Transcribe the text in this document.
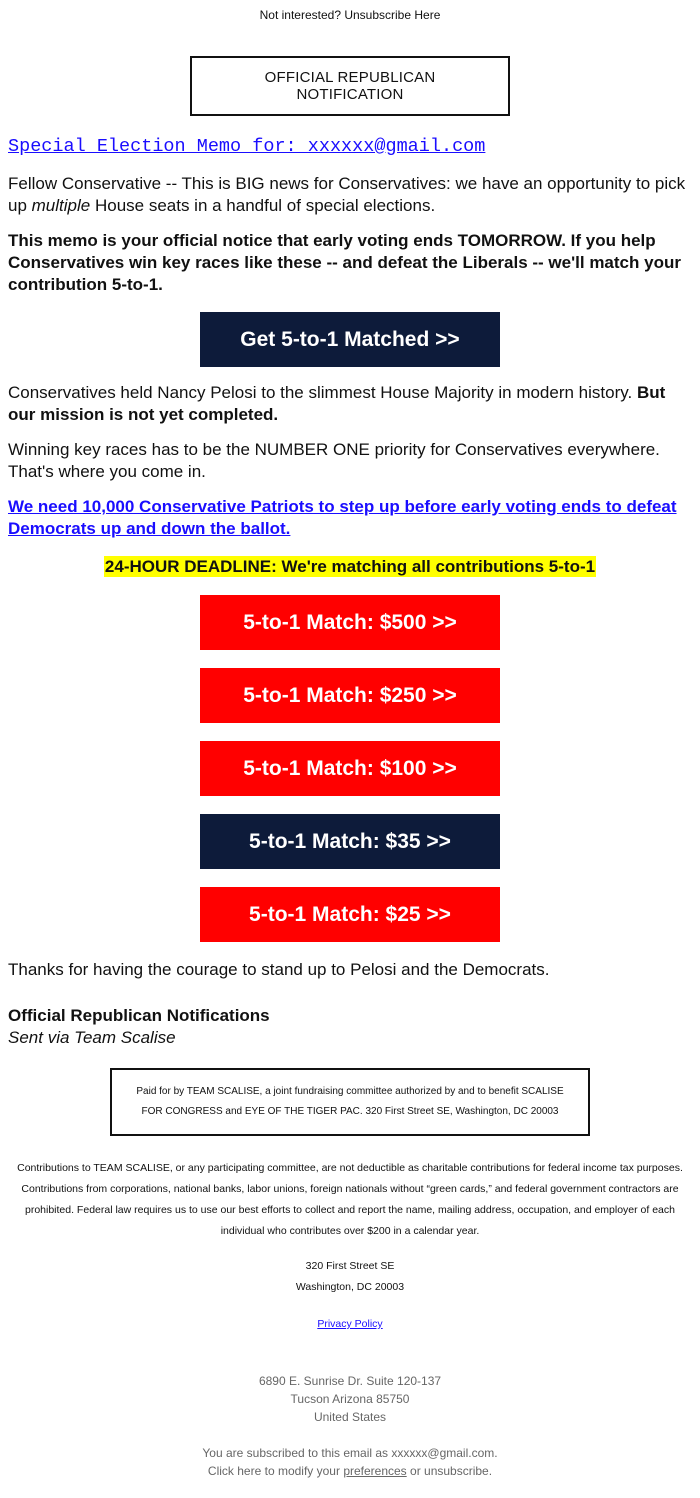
Not interested? Unsubscribe Here
OFFICIAL REPUBLICAN NOTIFICATION
Special Election Memo for: xxxxxx@gmail.com

Fellow Conservative -- This is BIG news for Conservatives: we have an opportunity to pick up multiple House seats in a handful of special elections.

This memo is your official notice that early voting ends TOMORROW. If you help Conservatives win key races like these -- and defeat the Liberals -- we'll match your contribution 5-to-1.

Get 5-to-1 Matched >>

Conservatives held Nancy Pelosi to the slimmest House Majority in modern history. But our mission is not yet completed.

Winning key races has to be the NUMBER ONE priority for Conservatives everywhere. That's where you come in.

We need 10,000 Conservative Patriots to step up before early voting ends to defeat Democrats up and down the ballot.

24-HOUR DEADLINE: We're matching all contributions 5-to-1
5-to-1 Match: $500 >>
5-to-1 Match: $250 >>
5-to-1 Match: $100 >>
5-to-1 Match: $35 >>
5-to-1 Match: $25 >>

Thanks for having the courage to stand up to Pelosi and the Democrats.

Official Republican Notifications
Sent via Team Scalise
Paid for by TEAM SCALISE, a joint fundraising committee authorized by and to benefit SCALISE FOR CONGRESS and EYE OF THE TIGER PAC. 320 First Street SE, Washington, DC 20003
Contributions to TEAM SCALISE, or any participating committee, are not deductible as charitable contributions for federal income tax purposes. Contributions from corporations, national banks, labor unions, foreign nationals without “green cards,” and federal government contractors are prohibited. Federal law requires us to use our best efforts to collect and report the name, mailing address, occupation, and employer of each individual who contributes over $200 in a calendar year.
320 First Street SE
Washington, DC 20003
Privacy Policy
6890 E. Sunrise Dr. Suite 120-137
Tucson Arizona 85750
United States
You are subscribed to this email as xxxxxx@gmail.com.
Click here to modify your preferences or unsubscribe.
